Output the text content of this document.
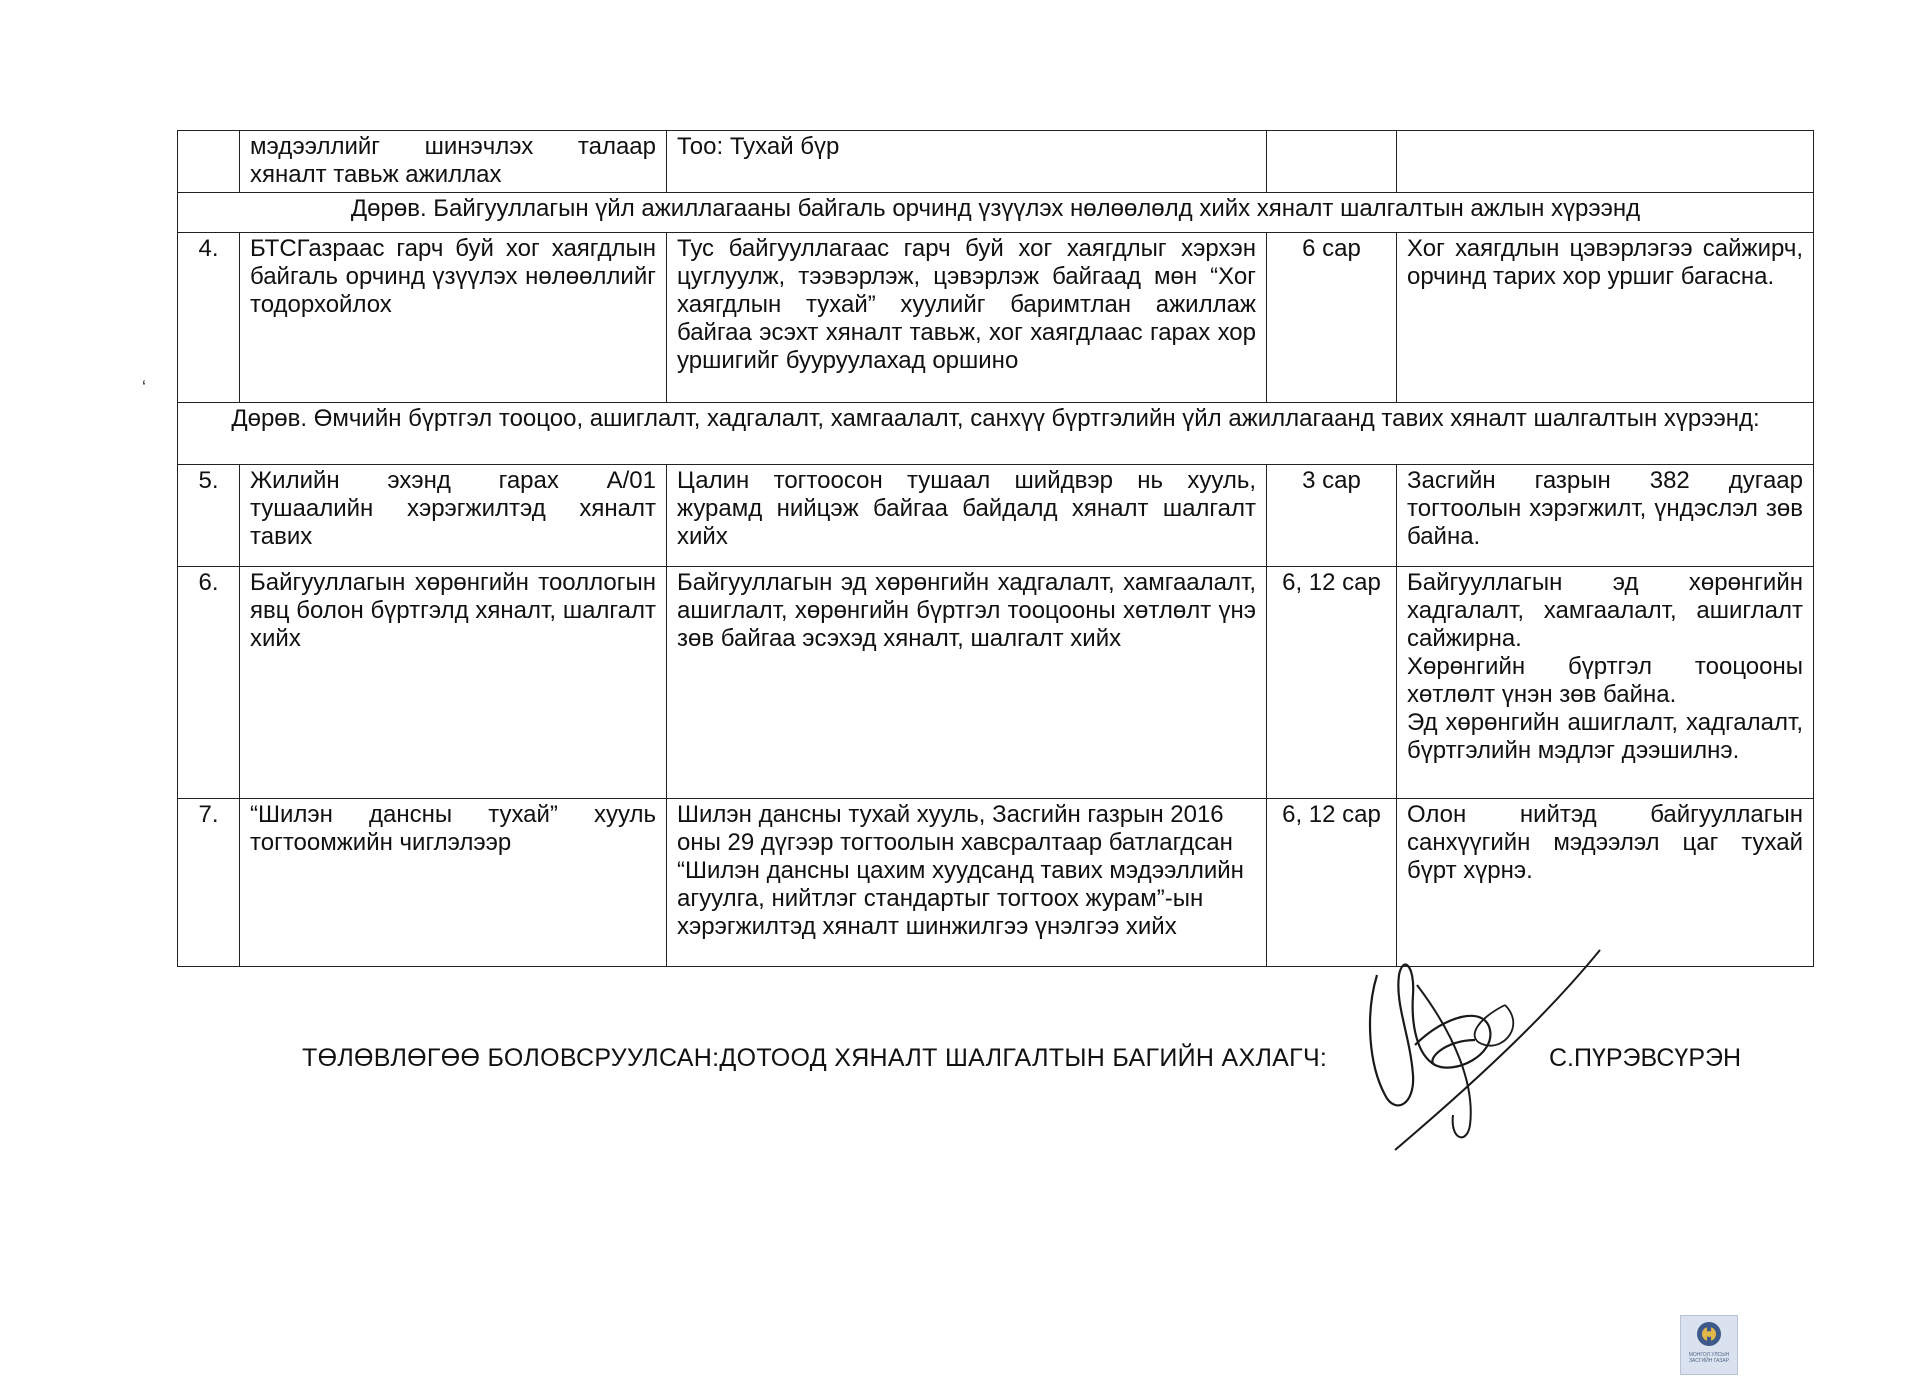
	мэдээллийг шинэчлэх талаар хяналт тавьж ажиллах	Тоо: Тухай бүр		
Дөрөв. Байгууллагын үйл ажиллагааны байгаль орчинд үзүүлэх нөлөөлөлд хийх хяналт шалгалтын ажлын хүрээнд				
4.	БТСГазраас гарч буй хог хаягдлын байгаль орчинд үзүүлэх нөлөөллийг тодорхойлох	Тус байгууллагаас гарч буй хог хаягдлыг хэрхэн цуглуулж, тээвэрлэж, цэвэрлэж байгаад мөн “Хог хаягдлын тухай” хуулийг баримтлан ажиллаж байгаа эсэхт хяналт тавьж, хог хаягдлаас гарах хор уршигийг бууруулахад оршино	6 сар	Хог хаягдлын цэвэрлэгээ сайжирч, орчинд тарих хор уршиг багасна.
Дөрөв. Өмчийн бүртгэл тооцоо, ашиглалт, хадгалалт, хамгаалалт, санхүү бүртгэлийн үйл ажиллагаанд тавих хяналт шалгалтын хүрээнд:				
5.	Жилийн эхэнд гарах А/01 тушаалийн хэрэгжилтэд хяналт тавих	Цалин тогтоосон тушаал шийдвэр нь хууль, журамд нийцэж байгаа байдалд хяналт шалгалт хийх	3 сар	Засгийн газрын 382 дугаар тогтоолын хэрэгжилт, үндэслэл зөв байна.
6.	Байгууллагын хөрөнгийн тооллогын явц болон бүртгэлд хяналт, шалгалт хийх	Байгууллагын эд хөрөнгийн хадгалалт, хамгаалалт, ашиглалт, хөрөнгийн бүртгэл тооцооны хөтлөлт үнэ зөв байгаа эсэхэд хяналт, шалгалт хийх	6, 12 сар	Байгууллагын эд хөрөнгийн хадгалалт, хамгаалалт, ашиглалт сайжирна.
Хөрөнгийн бүртгэл тооцооны хөтлөлт үнэн зөв байна.
Эд хөрөнгийн ашиглалт, хадгалалт, бүртгэлийн мэдлэг дээшилнэ.

7.	“Шилэн дансны тухай” хууль тогтоомжийн чиглэлээр	Шилэн дансны тухай хууль, Засгийн газрын 2016 оны 29 дүгээр тогтоолын хавсралтаар батлагдсан “Шилэн дансны цахим хуудсанд тавих мэдээллийн агуулга, нийтлэг стандартыг тогтоох журам”-ын хэрэгжилтэд хяналт шинжилгээ үнэлгээ хийх	6, 12 сар	Олон нийтэд байгууллагын санхүүгийн мэдээлэл цаг тухай бүрт хүрнэ.
ʻ
ТӨЛӨВЛӨГӨӨ БОЛОВСРУУЛСАН:ДОТООД ХЯНАЛТ ШАЛГАЛТЫН БАГИЙН АХЛАГЧ:	С.ПҮРЭВСҮРЭН
МОНГОЛ УЛСЫН ЗАСГИЙН ГАЗАР
